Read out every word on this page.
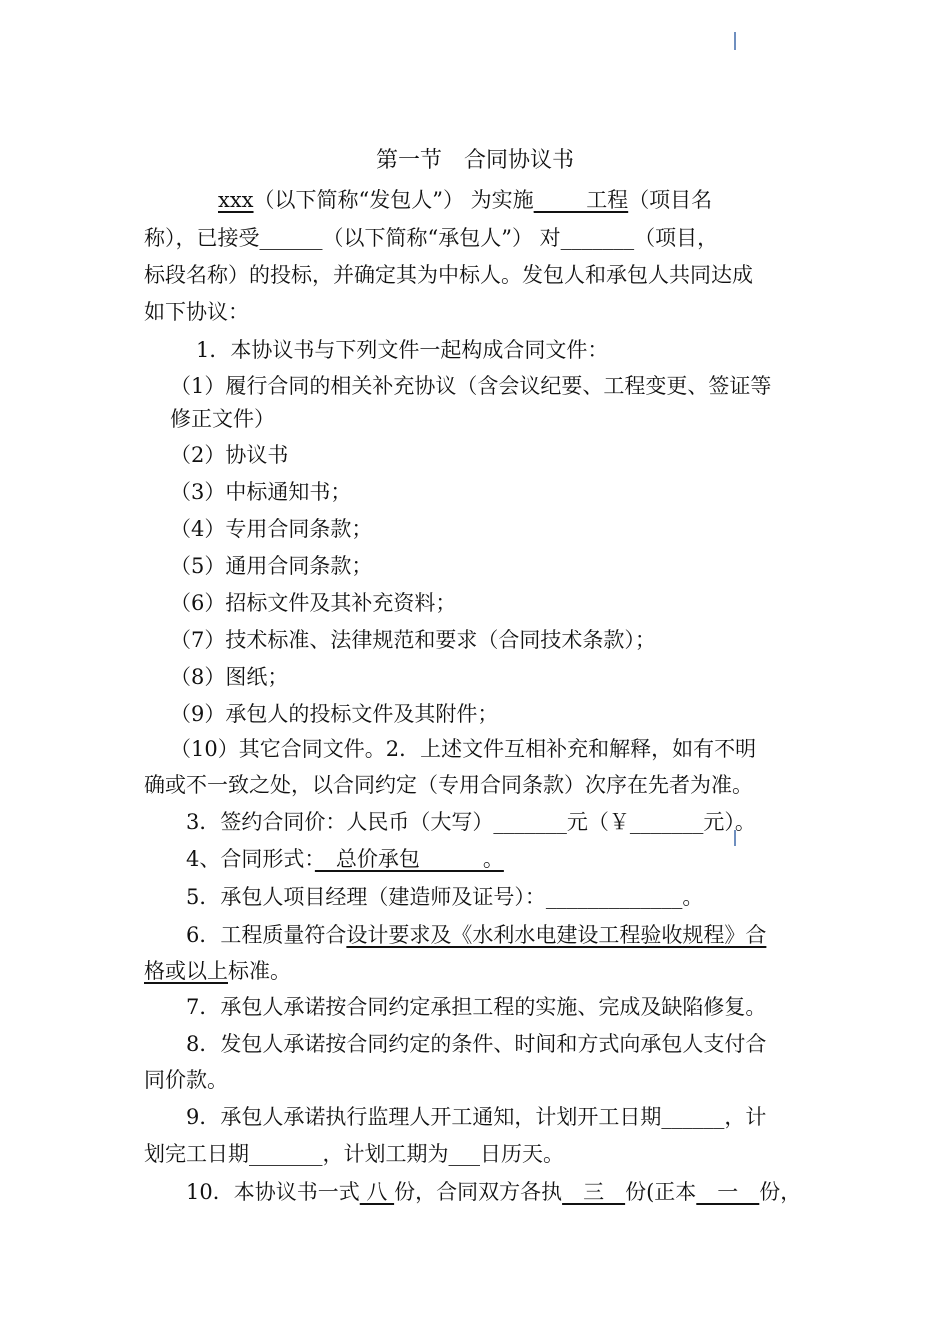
第一节　合同协议书
xxx（以下简称“发包人”） 为实施_____工程（项目名
称），已接受______（以下简称“承包人”） 对_______（项目，
标段名称）的投标，并确定其为中标人。发包人和承包人共同达成
如下协议：
1．本协议书与下列文件一起构成合同文件：
（1）履行合同的相关补充协议（含会议纪要、工程变更、签证等
修正文件）
（2）协议书
（3）中标通知书；
（4）专用合同条款；
（5）通用合同条款；
（6）招标文件及其补充资料；
（7）技术标准、法律规范和要求（合同技术条款）；
（8）图纸；
（9）承包人的投标文件及其附件；
（10）其它合同文件。2．上述文件互相补充和解释，如有不明
确或不一致之处，以合同约定（专用合同条款）次序在先者为准。
3．签约合同价：人民币（大写）_______元（￥_______元）。
4、合同形式：　总价承包　　　。
5．承包人项目经理（建造师及证号）：_____________。
6．工程质量符合设计要求及《水利水电建设工程验收规程》合
格或以上标准。
7．承包人承诺按合同约定承担工程的实施、完成及缺陷修复。
8．发包人承诺按合同约定的条件、时间和方式向承包人支付合
同价款。
9．承包人承诺执行监理人开工通知，计划开工日期______，计
划完工日期_______，计划工期为___日历天。
10．本协议书一式 八 份，合同双方各执　三　份(正本　一　份，
